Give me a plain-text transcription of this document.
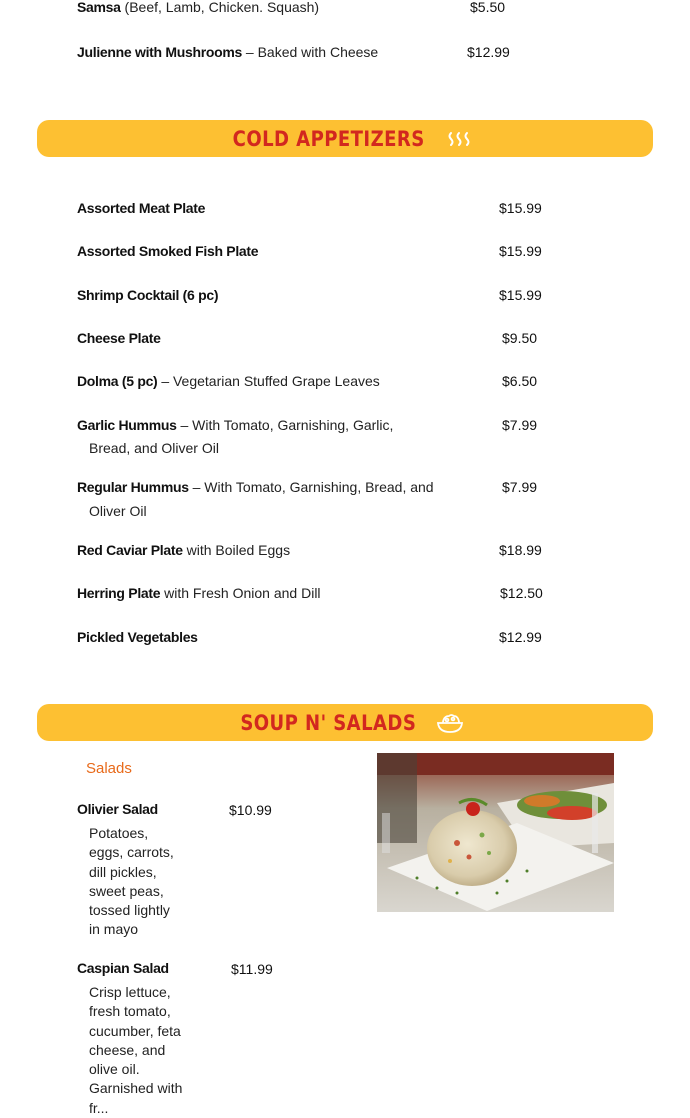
Samsa (Beef, Lamb, Chicken. Squash)	$5.50
Julienne with Mushrooms – Baked with Cheese	$12.99
COLD APPETIZERS
Assorted Meat Plate	$15.99
Assorted Smoked Fish Plate	$15.99
Shrimp Cocktail (6 pc)	$15.99
Cheese Plate	$9.50
Dolma (5 pc) – Vegetarian Stuffed Grape Leaves	$6.50
Garlic Hummus – With Tomato, Garnishing, Garlic,
Bread, and Oliver Oil
$7.99
Regular Hummus – With Tomato, Garnishing, Bread, and
Oliver Oil
$7.99
Red Caviar Plate with Boiled Eggs	$18.99
Herring Plate with Fresh Onion and Dill	$12.50
Pickled Vegetables	$12.99
SOUP N' SALADS
Salads
Olivier Salad	$10.99
Potatoes, eggs, carrots, dill pickles, sweet peas, tossed lightly in mayo
Caspian Salad	$11.99
Crisp lettuce, fresh tomato, cucumber, feta cheese, and olive oil. Garnished with fr...
